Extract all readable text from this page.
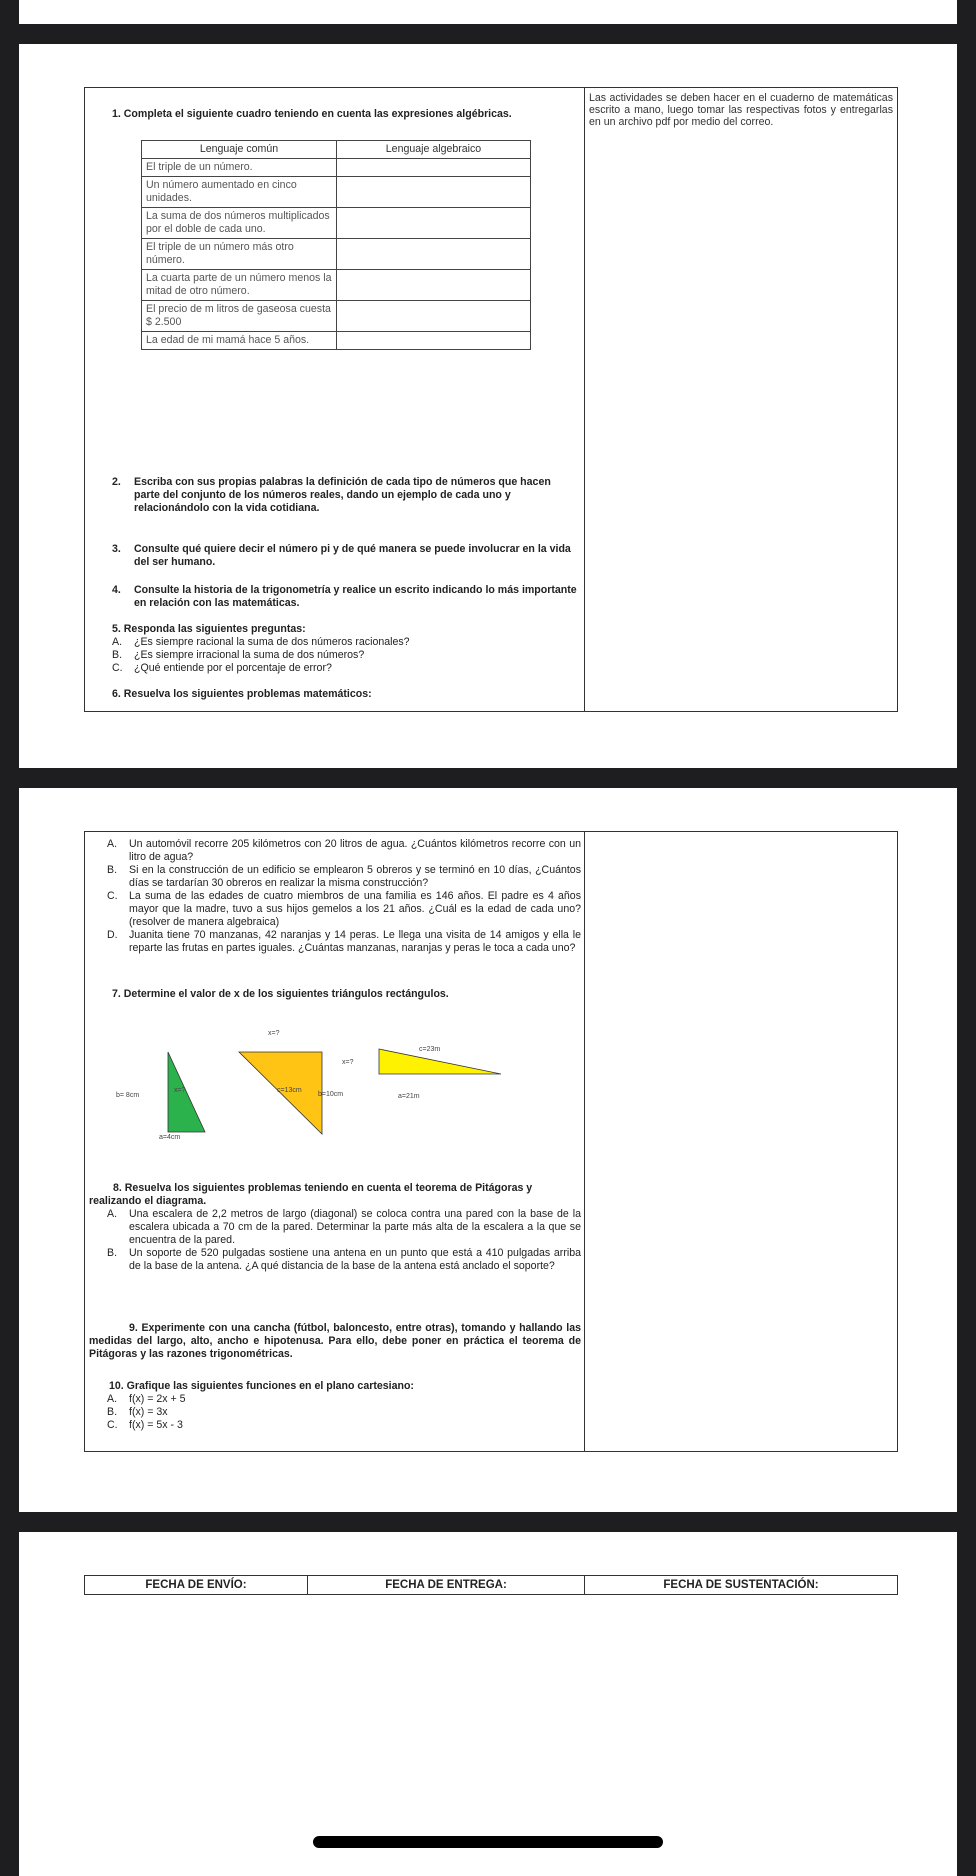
Las actividades se deben hacer en el cuaderno de matemáticas escrito a mano, luego tomar las respectivas fotos y entregarlas en un archivo pdf por medio del correo.
1. Completa el siguiente cuadro teniendo en cuenta las expresiones algébricas.
Lenguaje común	Lenguaje algebraico
El triple de un número.	
Un número aumentado en cinco unidades.	
La suma de dos números multiplicados por el doble de cada uno.	
El triple de un número más otro número.	
La cuarta parte de un número menos la mitad de otro número.	
El precio de m litros de gaseosa cuesta $ 2.500	
La edad de mi mamá hace 5 años.	
2. Escriba con sus propias palabras la definición de cada tipo de números que hacen parte del conjunto de los números reales, dando un ejemplo de cada uno y relacionándolo con la vida cotidiana.
3. Consulte qué quiere decir el número pi y de qué manera se puede involucrar en la vida del ser humano.
4. Consulte la historia de la trigonometría y realice un escrito indicando lo más importante en relación con las matemáticas.
5. Responda las siguientes preguntas:
A. ¿Es siempre racional la suma de dos números racionales?
B. ¿Es siempre irracional la suma de dos números?
C. ¿Qué entiende por el porcentaje de error?
6. Resuelva los siguientes problemas matemáticos:
A. Un automóvil recorre 205 kilómetros con 20 litros de agua. ¿Cuántos kilómetros recorre con un litro de agua?
B. Si en la construcción de un edificio se emplearon 5 obreros y se terminó en 10 días, ¿Cuántos días se tardarían 30 obreros en realizar la misma construcción?
C. La suma de las edades de cuatro miembros de una familia es 146 años. El padre es 4 años mayor que la madre, tuvo a sus hijos gemelos a los 21 años. ¿Cuál es la edad de cada uno? (resolver de manera algebraica)
D. Juanita tiene 70 manzanas, 42 naranjas y 14 peras. Le llega una visita de 14 amigos y ella le reparte las frutas en partes iguales. ¿Cuántas manzanas, naranjas y peras le toca a cada uno?
7. Determine el valor de x de los siguientes triángulos rectángulos.
b= 8cm
x=?
a=4cm
x=?
c=13cm
b=10cm
x=?
c=23m
a=21m
8. Resuelva los siguientes problemas teniendo en cuenta el teorema de Pitágoras y realizando el diagrama.
A. Una escalera de 2,2 metros de largo (diagonal) se coloca contra una pared con la base de la escalera ubicada a 70 cm de la pared. Determinar la parte más alta de la escalera a la que se encuentra de la pared.
B. Un soporte de 520 pulgadas sostiene una antena en un punto que está a 410 pulgadas arriba de la base de la antena. ¿A qué distancia de la base de la antena está anclado el soporte?
9. Experimente con una cancha (fútbol, baloncesto, entre otras), tomando y hallando las medidas del largo, alto, ancho e hipotenusa. Para ello, debe poner en práctica el teorema de Pitágoras y las razones trigonométricas.
10. Grafique las siguientes funciones en el plano cartesiano:
A. f(x) = 2x + 5
B. f(x) = 3x
C. f(x) = 5x - 3
FECHA DE ENVÍO:	FECHA DE ENTREGA:	FECHA DE SUSTENTACIÓN:
